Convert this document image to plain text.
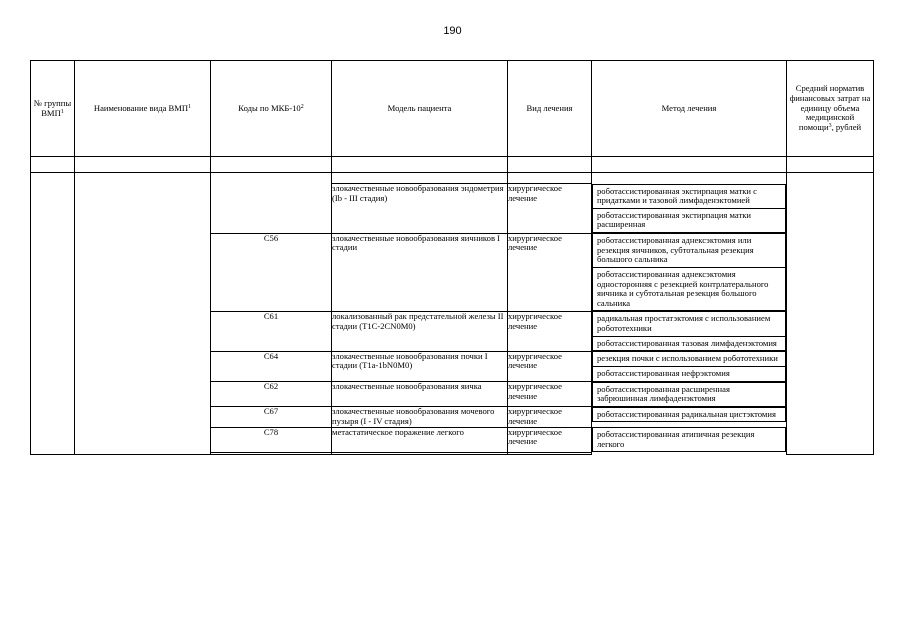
190
№ группы ВМП$^1$	Наименование вида ВМП$^1$	Коды по МКБ-$10^2$	Модель пациента	Вид лечения	Метод лечения	Средний норматив финансовых затрат на единицу объема медицинской помощи$^3$, рублей

			злокачественные новообразования эндометрия (Ib - III стадия)	хирургическое лечение	роботассистированная экстирпация матки с придатками и тазовой лимфаденэктомией
роботассистированная экстирпация матки расширенная	

		C56	злокачественные новообразования яичников I стадии	хирургическое лечение	роботассистированная аднексэктомия или резекция яичников, субтотальная резекция большого сальника
роботассистированная аднексэктомия односторонняя с резекцией контрлатерального яичника и субтотальная резекция большого сальника	

		C61	локализованный рак предстательной железы II стадии (T1C-2CN0M0)	хирургическое лечение	радикальная простатэктомия с использованием робототехники
роботассистированная тазовая лимфаденэктомия	

		C64	злокачественные новообразования почки I стадии (T1a-1bN0M0)	хирургическое лечение	резекция почки с использованием робототехники
роботассистированная нефрэктомия	

		C62	злокачественные новообразования яичка	хирургическое лечение	роботассистированная расширенная забрюшинная лимфаденэктомия	

		C67	злокачественные новообразования мочевого пузыря (I - IV стадия)	хирургическое лечение	роботассистированная радикальная цистэктомия	

		C78	метастатическое поражение легкого	хирургическое лечение	роботассистированная атипичная резекция легкого	
